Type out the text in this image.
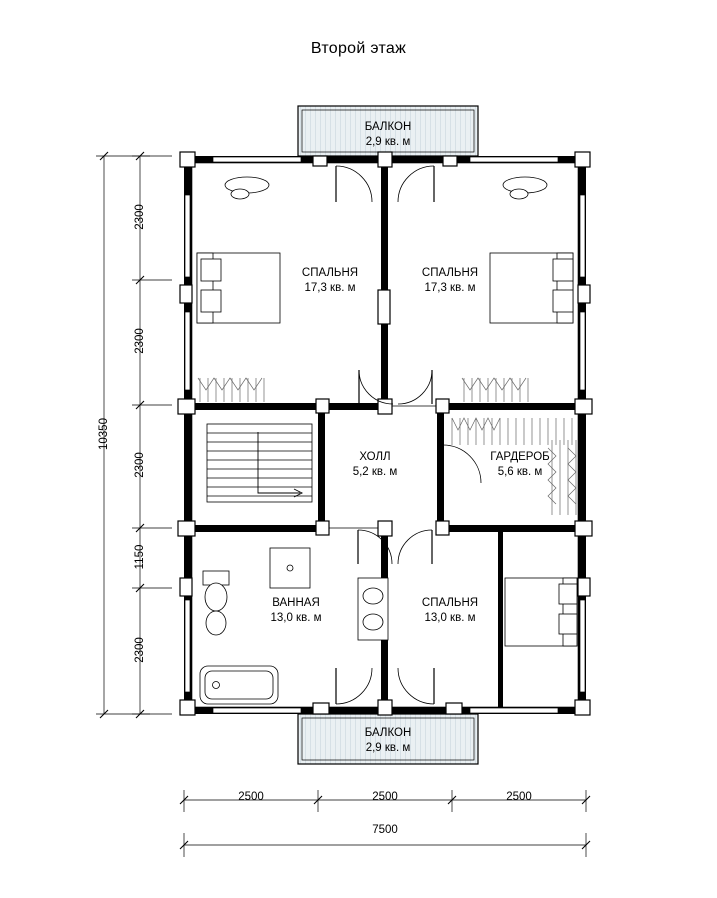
Второй этаж
БАЛКОН
2,9 кв. м
СПАЛЬНЯ
17,3 кв. м
СПАЛЬНЯ
17,3 кв. м
ХОЛЛ
5,2 кв. м
ГАРДЕРОБ
5,6 кв. м
ВАННАЯ
13,0 кв. м
СПАЛЬНЯ
13,0 кв. м
БАЛКОН
2,9 кв. м
10350
2300
2300
2300
1150
2300
2500	2500	2500
7500
